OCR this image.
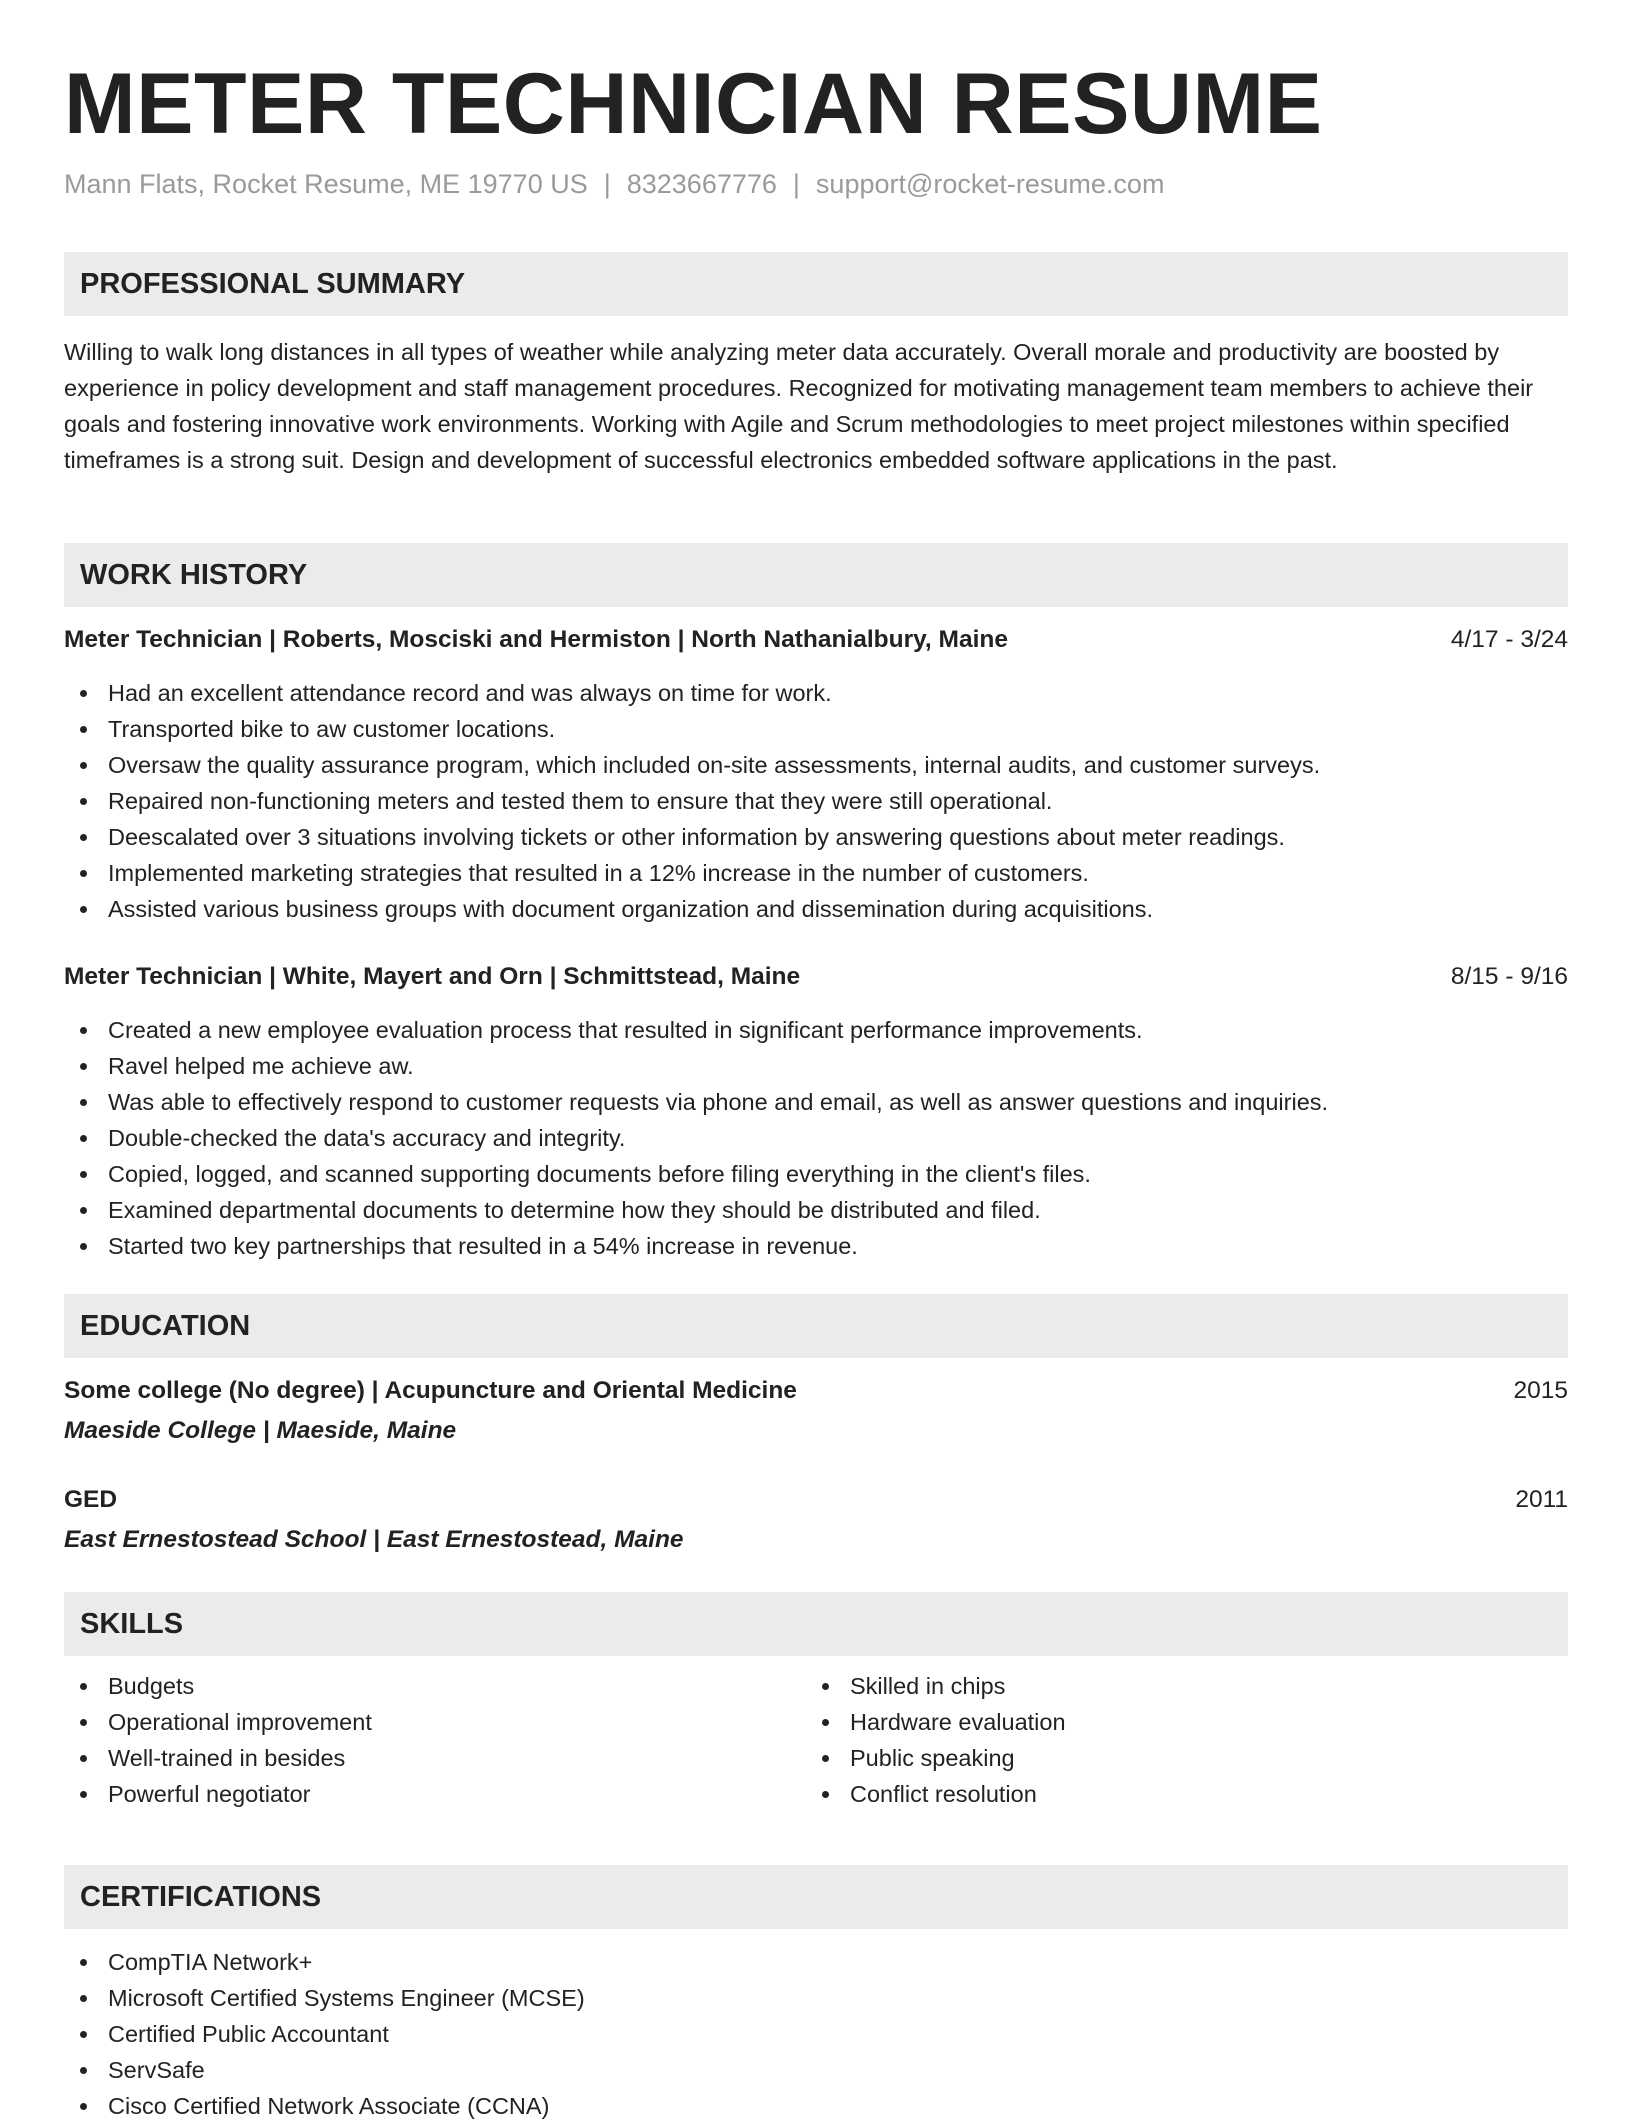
METER TECHNICIAN RESUME
Mann Flats, Rocket Resume, ME 19770 US | 8323667776 | support@rocket-resume.com
PROFESSIONAL SUMMARY

Willing to walk long distances in all types of weather while analyzing meter data accurately. Overall morale and productivity are boosted by experience in policy development and staff management procedures. Recognized for motivating management team members to achieve their goals and fostering innovative work environments. Working with Agile and Scrum methodologies to meet project milestones within specified timeframes is a strong suit. Design and development of successful electronics embedded software applications in the past.

WORK HISTORY
Meter Technician | Roberts, Mosciski and Hermiston | North Nathanialbury, Maine	4/17 - 3/24
Had an excellent attendance record and was always on time for work.
Transported bike to aw customer locations.
Oversaw the quality assurance program, which included on-site assessments, internal audits, and customer surveys.
Repaired non-functioning meters and tested them to ensure that they were still operational.
Deescalated over 3 situations involving tickets or other information by answering questions about meter readings.
Implemented marketing strategies that resulted in a 12% increase in the number of customers.
Assisted various business groups with document organization and dissemination during acquisitions.
Meter Technician | White, Mayert and Orn | Schmittstead, Maine	8/15 - 9/16
Created a new employee evaluation process that resulted in significant performance improvements.
Ravel helped me achieve aw.
Was able to effectively respond to customer requests via phone and email, as well as answer questions and inquiries.
Double-checked the data's accuracy and integrity.
Copied, logged, and scanned supporting documents before filing everything in the client's files.
Examined departmental documents to determine how they should be distributed and filed.
Started two key partnerships that resulted in a 54% increase in revenue.
EDUCATION
Some college (No degree) | Acupuncture and Oriental Medicine	2015
Maeside College | Maeside, Maine
GED	2011
East Ernestostead School | East Ernestostead, Maine
SKILLS
Budgets
Operational improvement
Well-trained in besides
Powerful negotiator
Skilled in chips
Hardware evaluation
Public speaking
Conflict resolution
CERTIFICATIONS
CompTIA Network+
Microsoft Certified Systems Engineer (MCSE)
Certified Public Accountant
ServSafe
Cisco Certified Network Associate (CCNA)
